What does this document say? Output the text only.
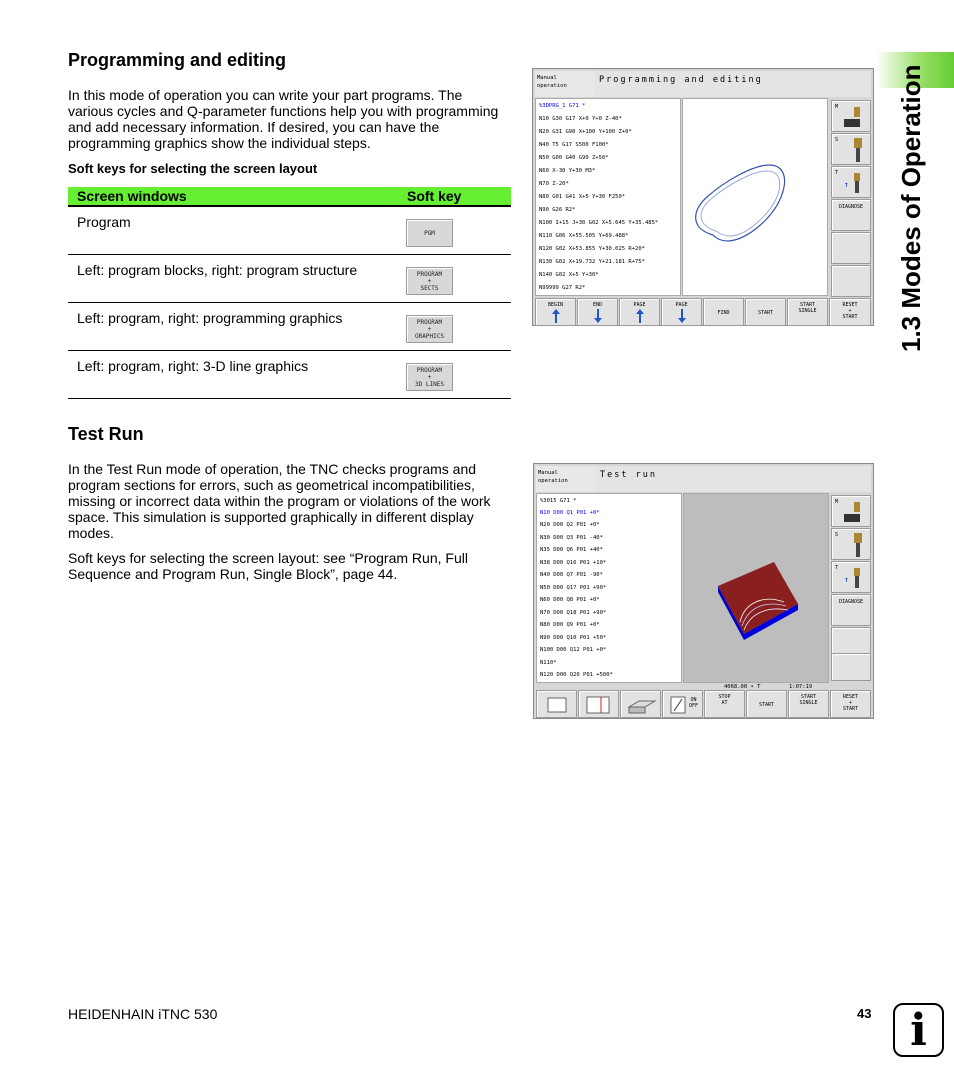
1.3 Modes of Operation
Programming and editing
In this mode of operation you can write your part programs. The
various cycles and Q-parameter functions help you with programming
and add necessary information. If desired, you can have the
programming graphics show the individual steps.
Soft keys for selecting the screen layout
Screen windows	Soft key
Program
PGM
Left: program blocks, right: program structure	PROGRAM
+
SECTS
Left: program, right: programming graphics	PROGRAM
+
GRAPHICS
Left: program, right: 3-D line graphics	PROGRAM
+
3D LINES
Manual
operation
Programming and editing
%3DPRG_1 G71 *
N10 G30 G17 X+0 Y+0 Z-40*
N20 G31 G90 X+100 Y+100 Z+0*
N40 T5 G17 S500 F100*
N50 G00 G40 G90 Z+50*
N60 X-30 Y+30 M3*
N70 Z-20*
N80 G01 G41 X+5 Y+30 F250*
N90 G26 R2*
N100 I+15 J+30 G02 X+5.645 Y+35.485*
N110 G06 X+55.505 Y+69.488*
N120 G02 X+53.855 Y+30.025 R+20*
N130 G02 X+19.732 Y+21.181 R+75*
N140 G02 X+5 Y+30*
N99999 G27 R2*
M
S
T
↑
DIAGNOSE
BEGIN
	END
	PAGE
	PAGE

FIND	START
START
SINGLE
RESET
+
START
Test Run
In the Test Run mode of operation, the TNC checks programs and
program sections for errors, such as geometrical incompatibilities,
missing or incorrect data within the program or violations of the work
space. This simulation is supported graphically in different display
modes.
Soft keys for selecting the screen layout: see “Program Run, Full
Sequence and Program Run, Single Block”, page 44.
Manual
operation
Test run
%3015 G71 *
N10 D00 Q1 P01 +0*
N20 D00 Q2 P01 +0*
N30 D00 Q3 P01 -40*
N35 D00 Q6 P01 +40*
N38 D00 Q16 P01 +10*
N40 D00 Q7 P01 -90*
N50 D00 Q17 P01 +90*
N60 D00 Q8 P01 +0*
N70 D00 Q18 P01 +90*
N80 D00 Q9 P01 +0*
N90 D00 Q10 P01 +50*
N100 D00 Q12 P01 +0*
N110*
N120 D00 Q20 P01 +500*
4068.00 • T	1:07:19
M
S
T
↑
DIAGNOSE

ON
OFF
STOP
AT	START
START
SINGLE
RESET
+
START
HEIDENHAIN iTNC 530	43 i
